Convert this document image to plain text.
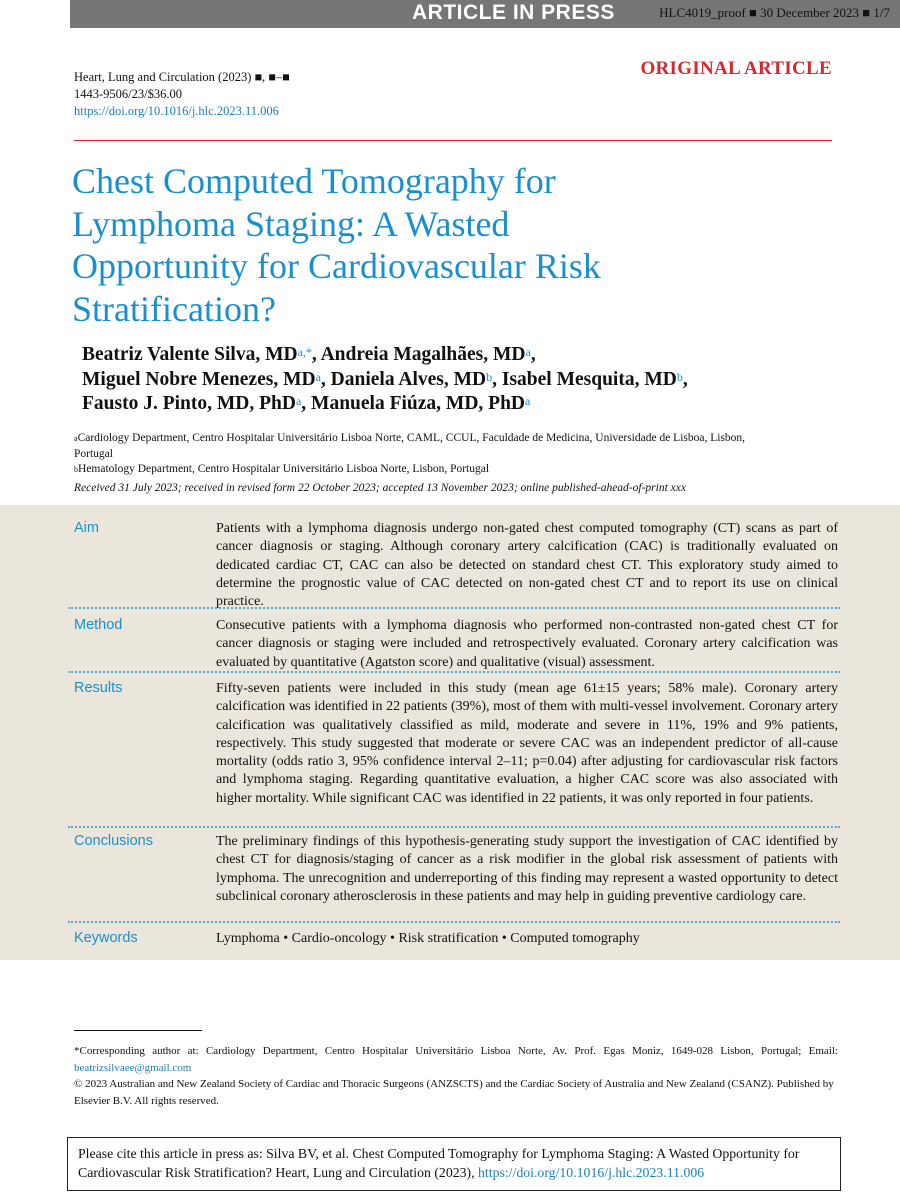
ARTICLE IN PRESS	HLC4019_proof ■ 30 December 2023 ■ 1/7
Heart, Lung and Circulation (2023) ■, ■–■
1443-9506/23/$36.00
https://doi.org/10.1016/j.hlc.2023.11.006
ORIGINAL ARTICLE
Chest Computed Tomography for Lymphoma Staging: A Wasted Opportunity for Cardiovascular Risk Stratification?
Beatriz Valente Silva, $MD^{a,*}$, Andreia Magalhães, $MD^a$,
Miguel Nobre Menezes, $MD^a$, Daniela Alves, $MD^b$, Isabel Mesquita, $MD^b$,
Fausto J. Pinto, MD, PhD$^a$, Manuela Fiúza, MD, PhD$^a$
$^a$Cardiology Department, Centro Hospitalar Universitário Lisboa Norte, CAML, CCUL, Faculdade de Medicina, Universidade de Lisboa, Lisbon, Portugal
$^b$Hematology Department, Centro Hospitalar Universitário Lisboa Norte, Lisbon, Portugal
Received 31 July 2023; received in revised form 22 October 2023; accepted 13 November 2023; online published-ahead-of-print xxx
Aim	Patients with a lymphoma diagnosis undergo non-gated chest computed tomography (CT) scans as part of cancer diagnosis or staging. Although coronary artery calcification (CAC) is traditionally evaluated on dedicated cardiac CT, CAC can also be detected on standard chest CT. This exploratory study aimed to determine the prognostic value of CAC detected on non-gated chest CT and to report its use on clinical practice.
Method	Consecutive patients with a lymphoma diagnosis who performed non-contrasted non-gated chest CT for cancer diagnosis or staging were included and retrospectively evaluated. Coronary artery calcification was evaluated by quantitative (Agatston score) and qualitative (visual) assessment.
Results	Fifty-seven patients were included in this study (mean age 61±15 years; 58% male). Coronary artery calcification was identified in 22 patients (39%), most of them with multi-vessel involvement. Coronary artery calcification was qualitatively classified as mild, moderate and severe in 11%, 19% and 9% patients, respectively. This study suggested that moderate or severe CAC was an independent predictor of all-cause mortality (odds ratio 3, 95% confidence interval 2–11; p=0.04) after adjusting for cardiovascular risk factors and lymphoma staging. Regarding quantitative evaluation, a higher CAC score was also associated with higher mortality. While significant CAC was identified in 22 patients, it was only reported in four patients.
Conclusions	The preliminary findings of this hypothesis-generating study support the investigation of CAC identified by chest CT for diagnosis/staging of cancer as a risk modifier in the global risk assessment of patients with lymphoma. The unrecognition and underreporting of this finding may represent a wasted opportunity to detect subclinical coronary atherosclerosis in these patients and may help in guiding preventive cardiology care.
Keywords	Lymphoma • Cardio-oncology • Risk stratification • Computed tomography
*Corresponding author at: Cardiology Department, Centro Hospitalar Universitário Lisboa Norte, Av. Prof. Egas Moniz, 1649-028 Lisbon, Portugal; Email: beatrizsilvaee@gmail.com
© 2023 Australian and New Zealand Society of Cardiac and Thoracic Surgeons (ANZSCTS) and the Cardiac Society of Australia and New Zealand (CSANZ). Published by Elsevier B.V. All rights reserved.
Please cite this article in press as: Silva BV, et al. Chest Computed Tomography for Lymphoma Staging: A Wasted Opportunity for Cardiovascular Risk Stratification? Heart, Lung and Circulation (2023), https://doi.org/10.1016/j.hlc.2023.11.006
